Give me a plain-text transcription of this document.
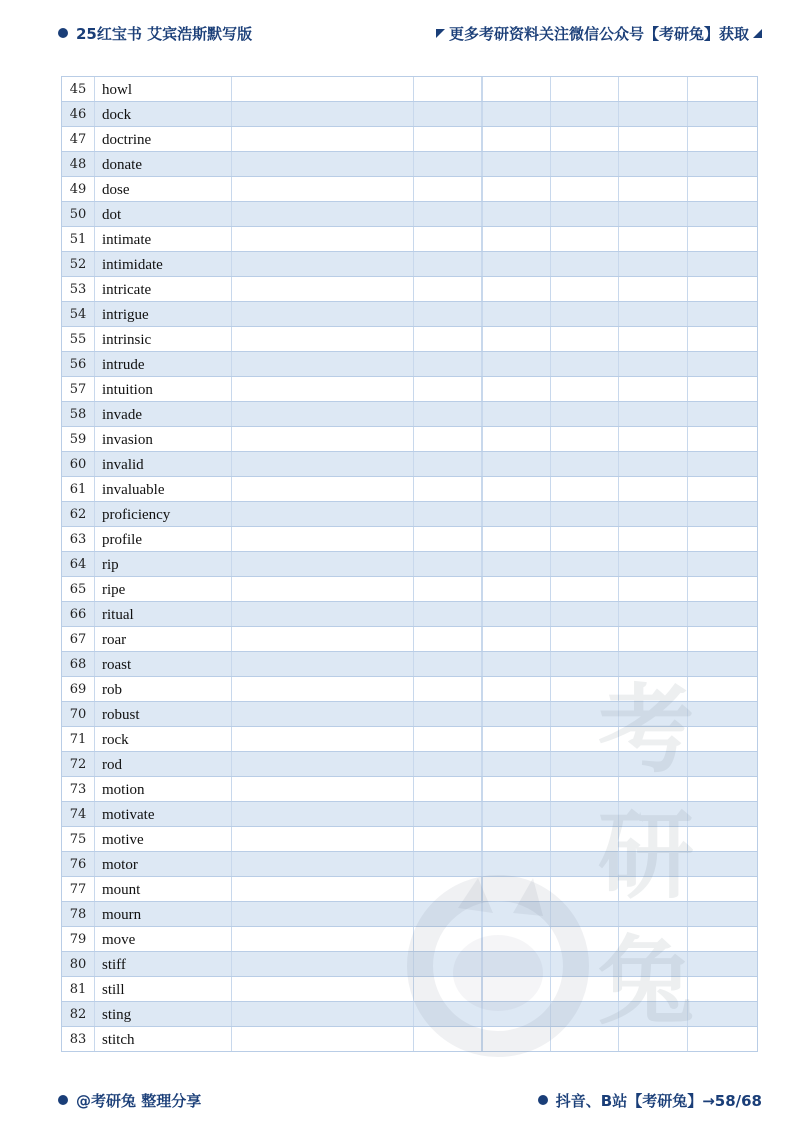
25红宝书 艾宾浩斯默写版	更多考研资料关注微信公众号【考研兔】获取
45	howl
46	dock
47	doctrine
48	donate
49	dose
50	dot
51	intimate
52	intimidate
53	intricate
54	intrigue
55	intrinsic
56	intrude
57	intuition
58	invade
59	invasion
60	invalid
61	invaluable
62	proficiency
63	profile
64	rip
65	ripe
66	ritual
67	roar
68	roast
69	rob
70	robust
71	rock
72	rod
73	motion
74	motivate
75	motive
76	motor
77	mount
78	mourn
79	move
80	stiff
81	still
82	sting
83	stitch
@考研兔 整理分享	抖音、B站【考研兔】→58/68
